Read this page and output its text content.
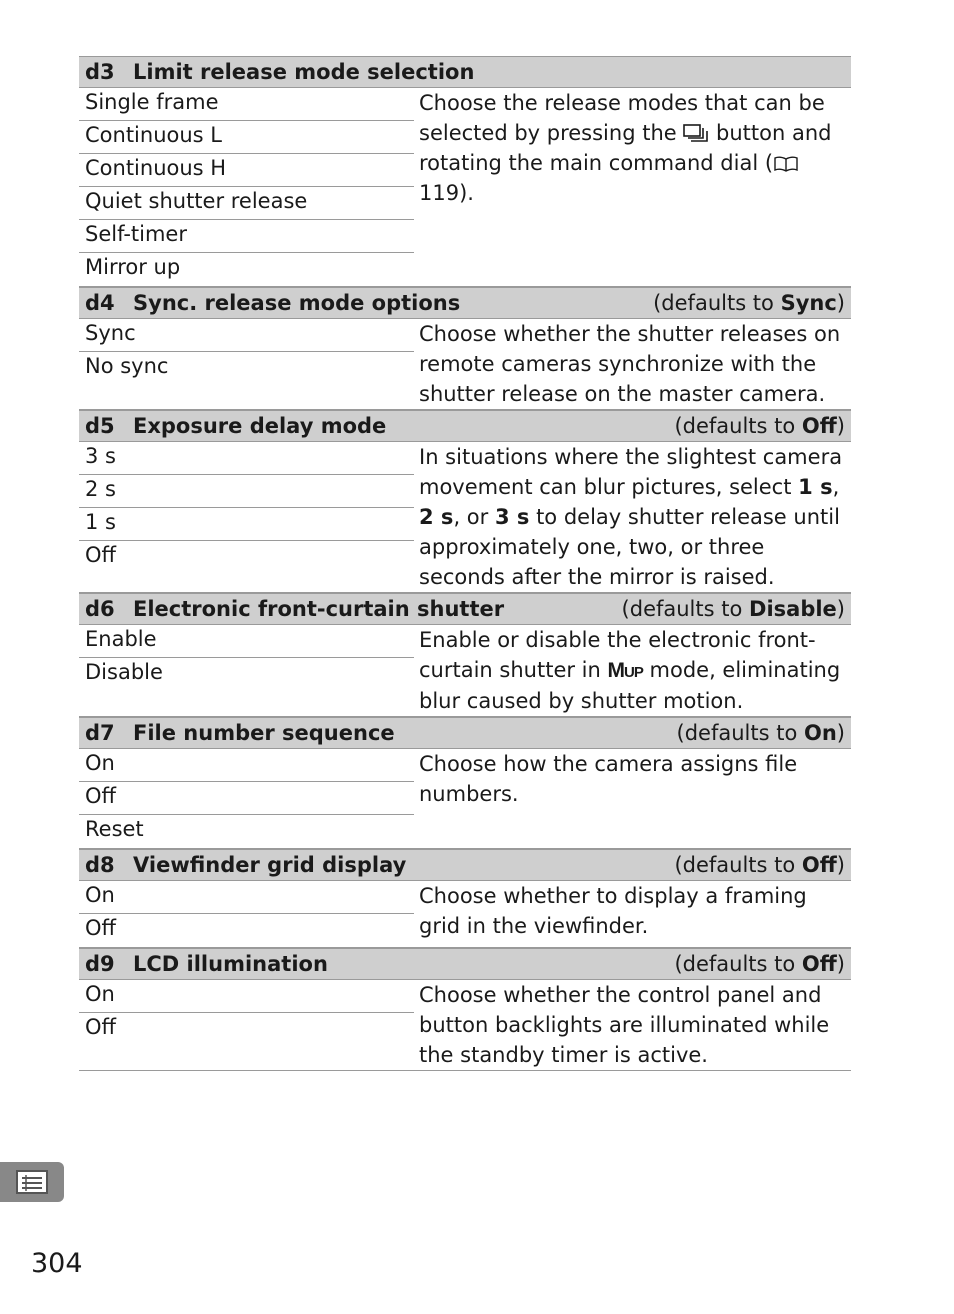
d3 Limit release mode selection
Single frame
Continuous L
Continuous H
Quiet shutter release
Self-timer
Mirror up
Choose the release modes that can be selected by pressing the  button and rotating the main command dial ( 119).
d4 Sync. release mode options	(defaults to Sync)
Sync
No sync
Choose whether the shutter releases on remote cameras synchronize with the shutter release on the master camera.
d5 Exposure delay mode	(defaults to Off)
3 s
2 s
1 s
Off
In situations where the slightest camera movement can blur pictures, select 1 s, 2 s, or 3 s to delay shutter release until approximately one, two, or three seconds after the mirror is raised.
d6 Electronic front-curtain shutter	(defaults to Disable)
Enable
Disable
Enable or disable the electronic front-curtain shutter in Mup mode, eliminating blur caused by shutter motion.
d7 File number sequence	(defaults to On)
On
Off
Reset
Choose how the camera assigns file numbers.
d8 Viewfinder grid display	(defaults to Off)
On
Off
Choose whether to display a framing grid in the viewfinder.
d9 LCD illumination	(defaults to Off)
On
Off
Choose whether the control panel and button backlights are illuminated while the standby timer is active.
304
